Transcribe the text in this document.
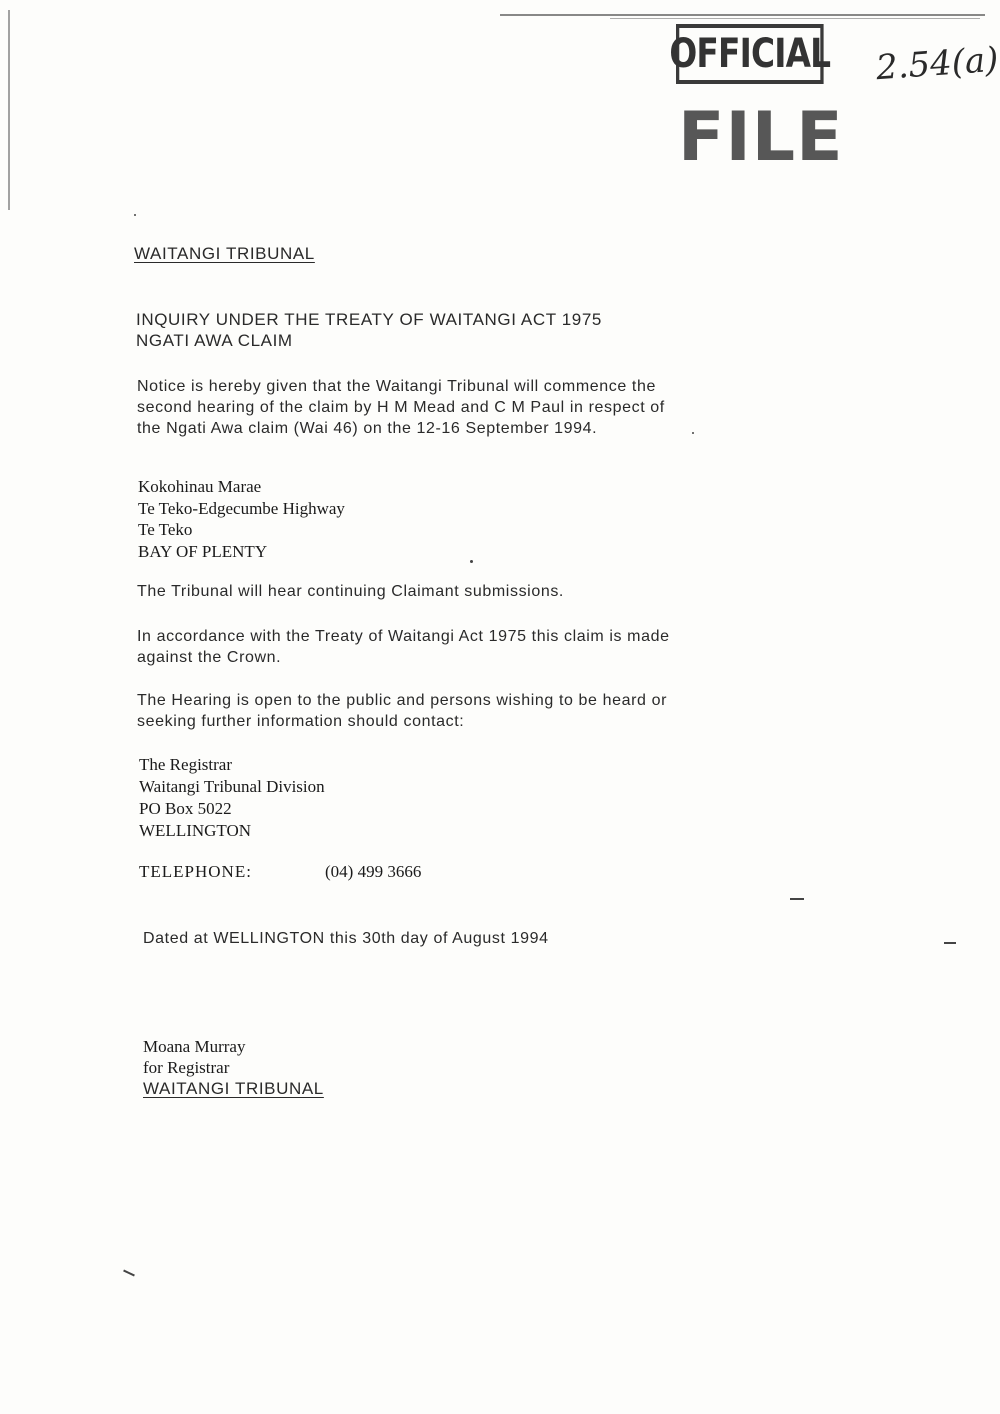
OFFICIAL 2.54(a)
FILE
WAITANGI TRIBUNAL
INQUIRY UNDER THE TREATY OF WAITANGI ACT 1975
NGATI AWA CLAIM
Notice is hereby given that the Waitangi Tribunal will commence the
second hearing of the claim by H M Mead and C M Paul in respect of
the Ngati Awa claim (Wai 46) on the 12-16 September 1994.
Kokohinau Marae
Te Teko-Edgecumbe Highway
Te Teko
BAY OF PLENTY
The Tribunal will hear continuing Claimant submissions.
In accordance with the Treaty of Waitangi Act 1975 this claim is made
against the Crown.
The Hearing is open to the public and persons wishing to be heard or
seeking further information should contact:
The Registrar
Waitangi Tribunal Division
PO Box 5022
WELLINGTON
TELEPHONE:	(04) 499 3666
Dated at WELLINGTON this 30th day of August 1994
Moana Murray
for Registrar
WAITANGI TRIBUNAL
